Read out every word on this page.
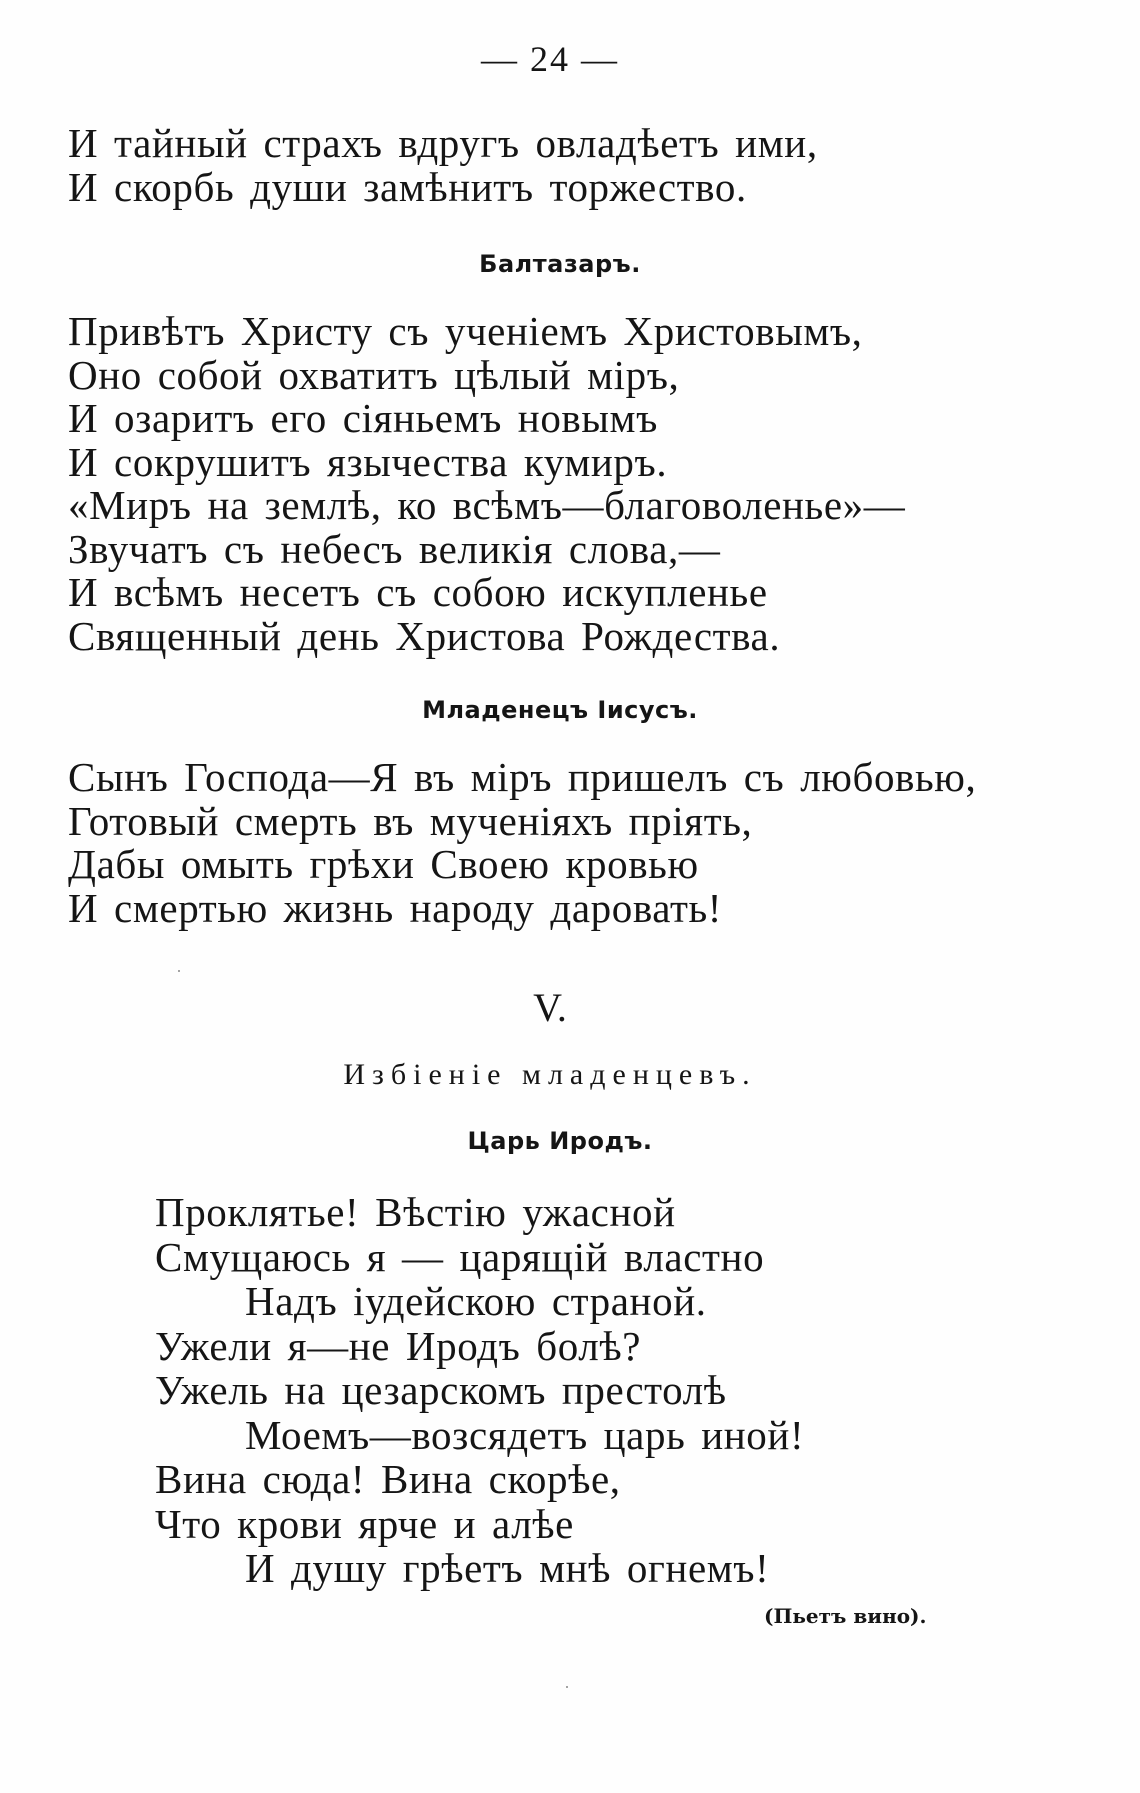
— 24 —
И тайный страхъ вдругъ овладѣетъ ими,
И скорбь души замѣнитъ торжество.
Балтазаръ.
Привѣтъ Христу съ ученіемъ Христовымъ,
Оно собой охватитъ цѣлый міръ,
И озаритъ его сіяньемъ новымъ
И сокрушитъ язычества кумиръ.
«Миръ на землѣ, ко всѣмъ—благоволенье»—
Звучатъ съ небесъ великія слова,—
И всѣмъ несетъ съ собою искупленье
Священный день Христова Рождества.
Младенецъ Іисусъ.
Сынъ Господа—Я въ міръ пришелъ съ любовью,
Готовый смерть въ мученіяхъ пріять,
Дабы омыть грѣхи Своею кровью
И смертью жизнь народу даровать!
V.
Избіеніе младенцевъ.
Царь Иродъ.
Проклятье! Вѣстію ужасной
Смущаюсь я — царящій властно
Надъ іудейскою страной.
Ужели я—не Иродъ болѣ?
Ужель на цезарскомъ престолѣ
Моемъ—возсядетъ царь иной!
Вина сюда! Вина скорѣе,
Что крови ярче и алѣе
И душу грѣетъ мнѣ огнемъ!
(Пьетъ вино).
